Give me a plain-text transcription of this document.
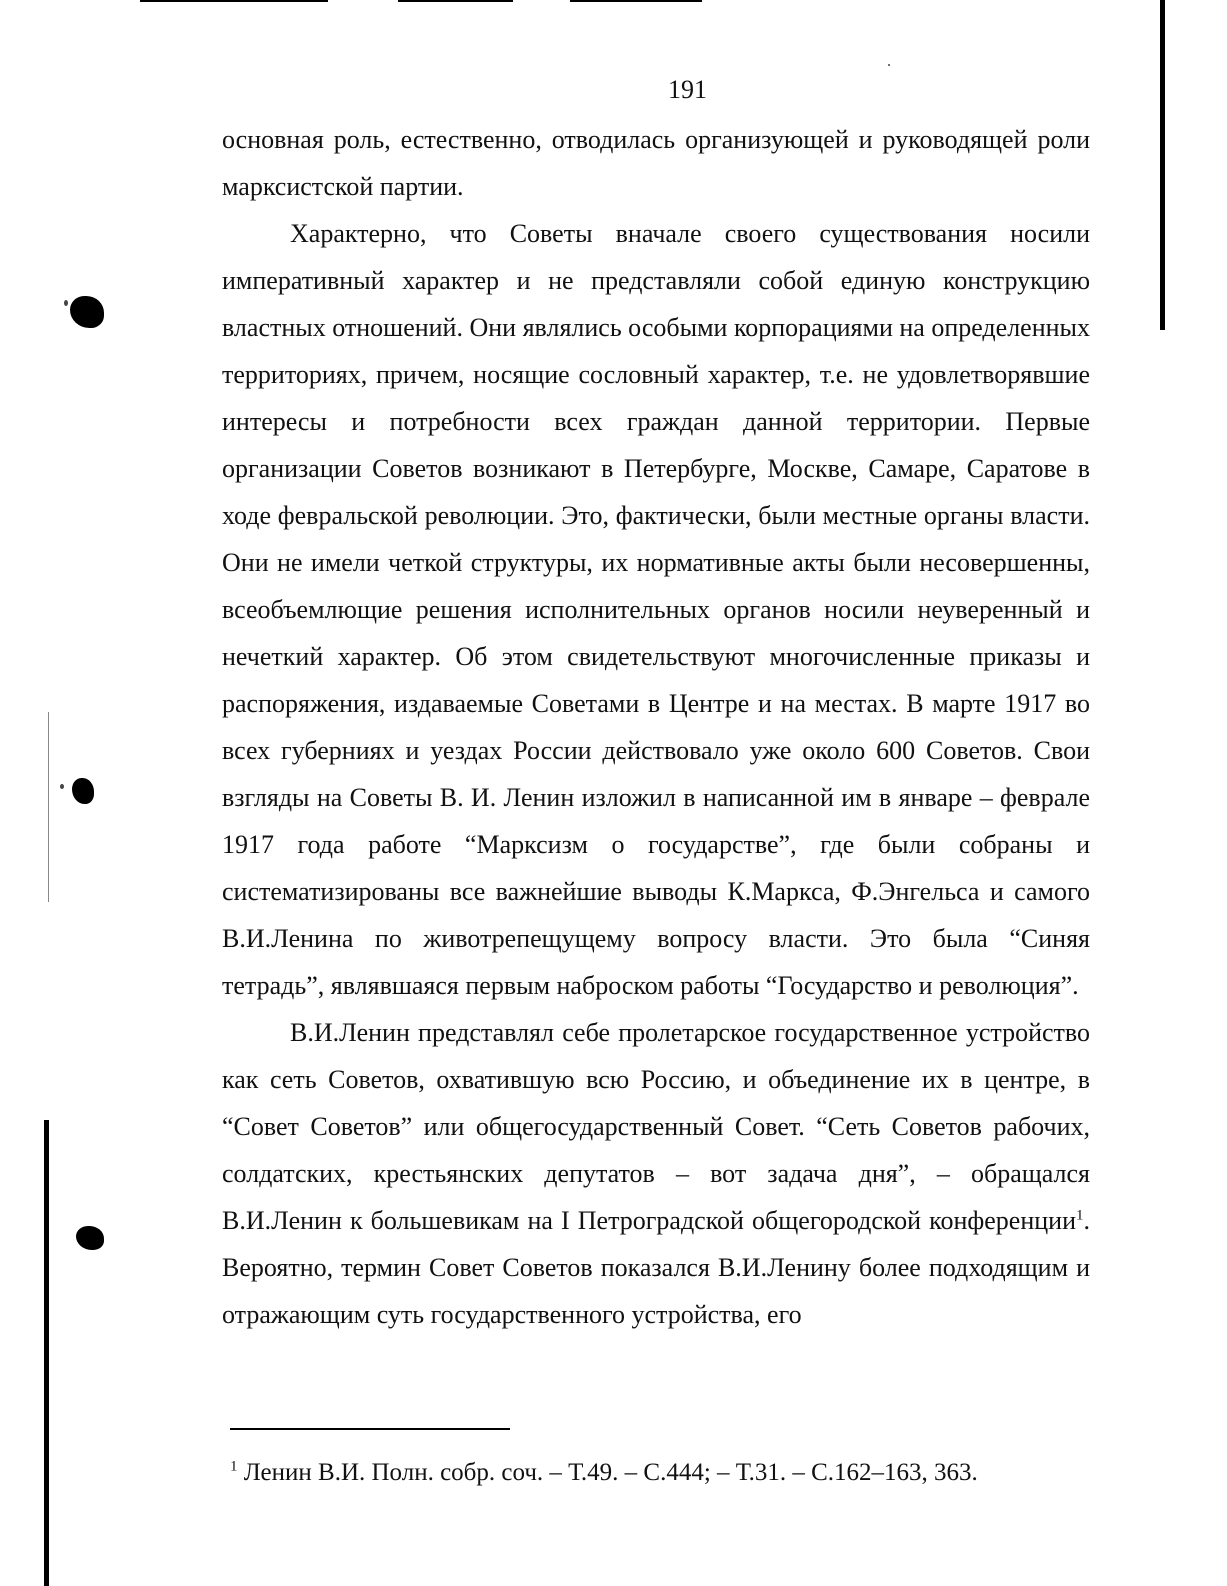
191

основная роль, естественно, отводилась организующей и руководящей роли марксистской партии.

Характерно, что Советы вначале своего существования носили императивный характер и не представляли собой единую конструкцию властных отношений. Они являлись особыми корпорациями на определенных территориях, причем, носящие сословный характер, т.е. не удовлетворявшие интересы и потребности всех граждан данной территории. Первые организации Советов возникают в Петербурге, Москве, Самаре, Саратове в ходе февральской революции. Это, фактически, были местные органы власти. Они не имели четкой структуры, их нормативные акты были несовершенны, всеобъемлющие решения исполнительных органов носили неуверенный и нечеткий характер. Об этом свидетельствуют многочисленные приказы и распоряжения, издаваемые Советами в Центре и на местах. В марте 1917 во всех губерниях и уездах России действовало уже около 600 Советов. Свои взгляды на Советы В. И. Ленин изложил в написанной им в январе – феврале 1917 года работе “Марксизм о государстве”, где были собраны и систематизированы все важнейшие выводы К.Маркса, Ф.Энгельса и самого В.И.Ленина по животрепещущему вопросу власти. Это была “Синяя тетрадь”, являвшаяся первым наброском работы “Государство и революция”.

В.И.Ленин представлял себе пролетарское государственное устройство как сеть Советов, охватившую всю Россию, и объединение их в центре, в “Совет Советов” или общегосударственный Совет. “Сеть Советов рабочих, солдатских, крестьянских депутатов – вот задача дня”, – обращался В.И.Ленин к большевикам на I Петроградской общегородской конференции$^1$. Вероятно, термин Совет Советов показался В.И.Ленину более подходящим и отражающим суть государственного устройства, его

$^1$ Ленин В.И. Полн. собр. соч. – Т.49. – С.444; – Т.31. – С.162–163, 363.
